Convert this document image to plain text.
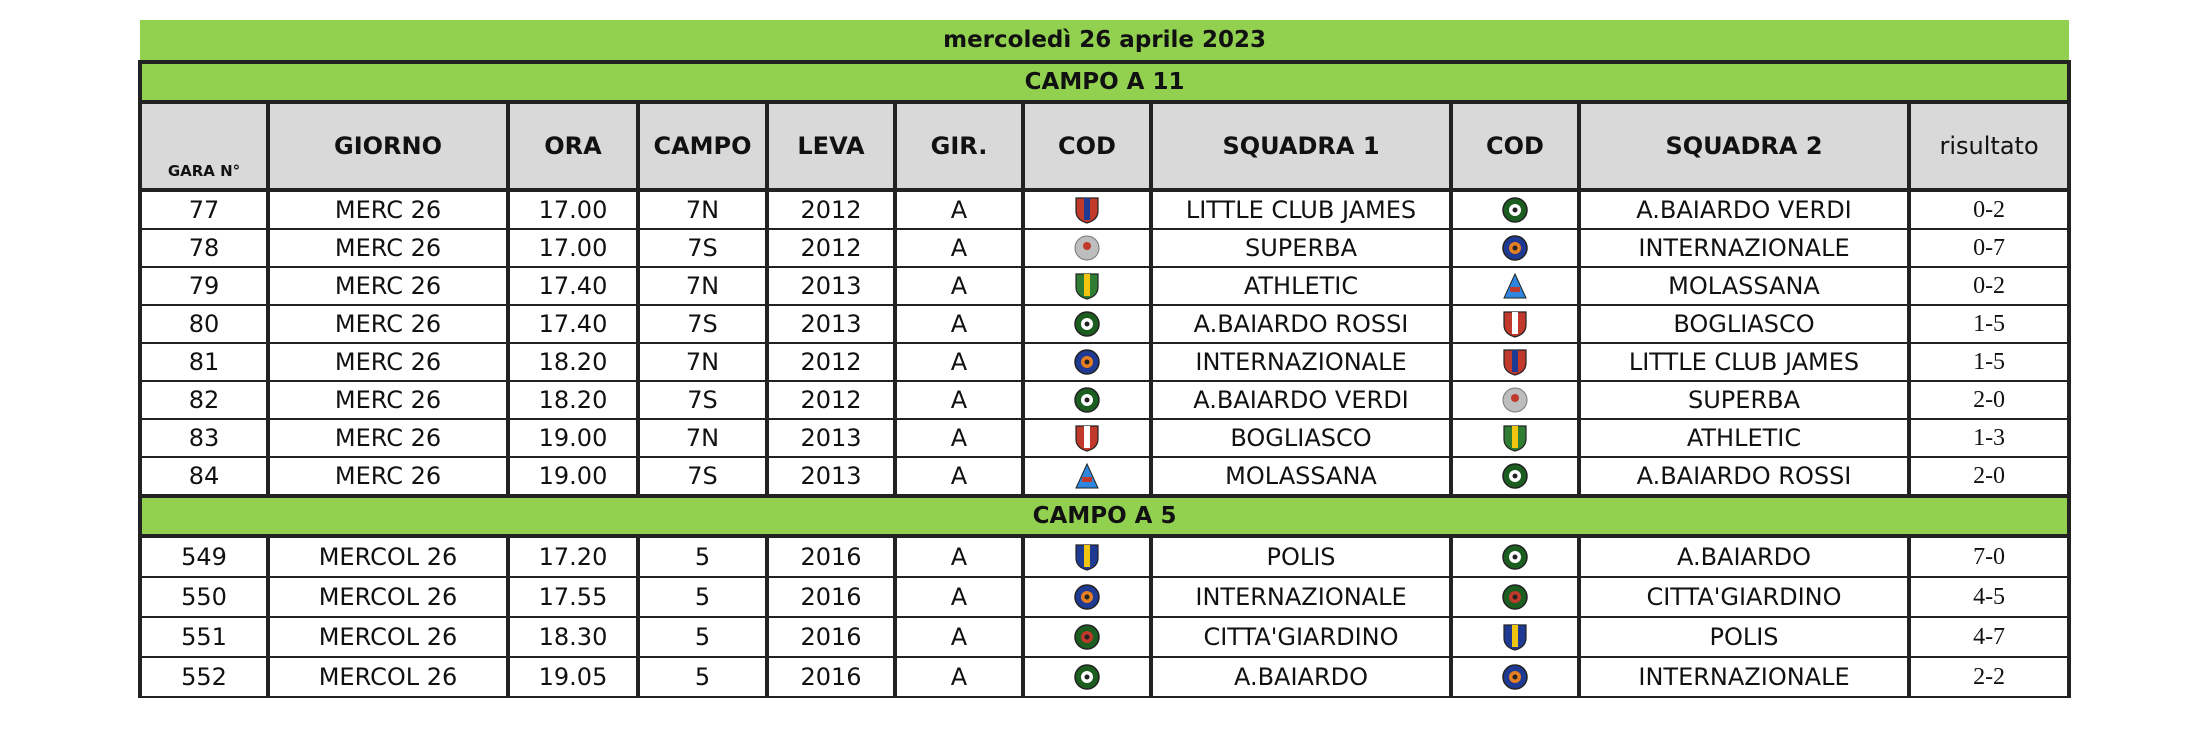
mercoledì 26 aprile 2023										
CAMPO A 11										
GARA N°	GIORNO	ORA	CAMPO	LEVA	GIR.	COD	SQUADRA 1	COD	SQUADRA 2	risultato
77	MERC 26	17.00	7N	2012	A		LITTLE CLUB JAMES		A.BAIARDO VERDI	0-2
78	MERC 26	17.00	7S	2012	A		SUPERBA		INTERNAZIONALE	0-7
79	MERC 26	17.40	7N	2013	A		ATHLETIC		MOLASSANA	0-2
80	MERC 26	17.40	7S	2013	A		A.BAIARDO ROSSI		BOGLIASCO	1-5
81	MERC 26	18.20	7N	2012	A		INTERNAZIONALE		LITTLE CLUB JAMES	1-5
82	MERC 26	18.20	7S	2012	A		A.BAIARDO VERDI		SUPERBA	2-0
83	MERC 26	19.00	7N	2013	A		BOGLIASCO		ATHLETIC	1-3
84	MERC 26	19.00	7S	2013	A		MOLASSANA		A.BAIARDO ROSSI	2-0
CAMPO A 5										
549	MERCOL 26	17.20	5	2016	A		POLIS		A.BAIARDO	7-0
550	MERCOL 26	17.55	5	2016	A		INTERNAZIONALE		CITTA'GIARDINO	4-5
551	MERCOL 26	18.30	5	2016	A		CITTA'GIARDINO		POLIS	4-7
552	MERCOL 26	19.05	5	2016	A		A.BAIARDO		INTERNAZIONALE	2-2
